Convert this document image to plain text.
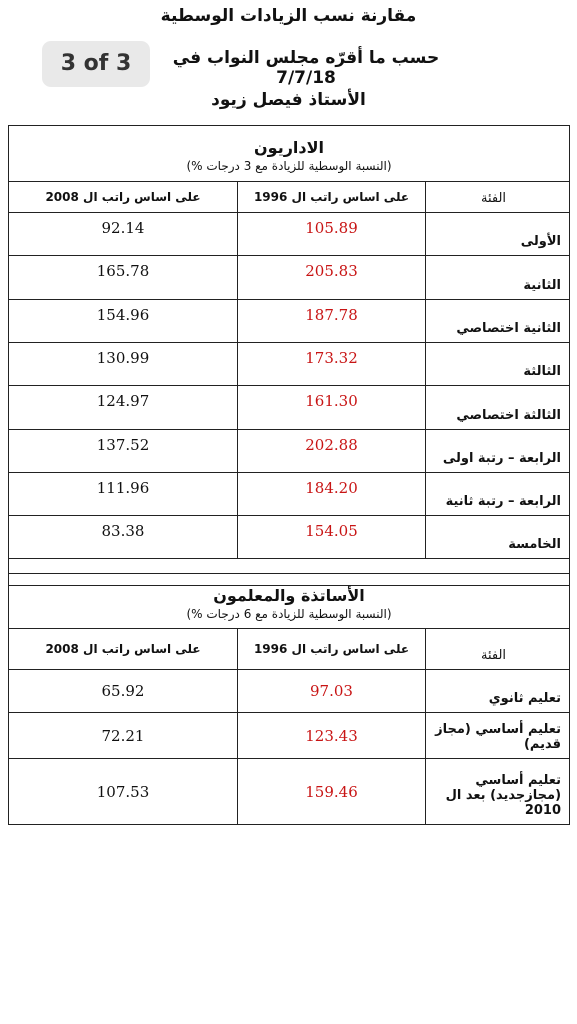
مقارنة نسب الزيادات الوسطية
حسب ما أقرّه مجلس النواب في 7/7/18
الأستاذ فيصل زيود
3 of 3
الاداريون
(النسبة الوسطية للزيادة مع 3 درجات %)		

على اساس راتب ال 2008	على اساس راتب ال 1996	الفئة
92.14	105.89	الأولى
165.78	205.83	الثانية
154.96	187.78	الثانية اختصاصي
130.99	173.32	الثالثة
124.97	161.30	الثالثة اختصاصي
137.52	202.88	الرابعة – رتبة اولى
111.96	184.20	الرابعة – رتبة ثانية
83.38	154.05	الخامسة

الأساتذة والمعلمون
(النسبة الوسطية للزيادة مع 6 درجات %)		

على اساس راتب ال 2008	على اساس راتب ال 1996	الفئة
65.92	97.03	تعليم ثانوي
72.21	123.43	تعليم أساسي (مجاز قديم)
107.53	159.46	تعليم أساسي (مجازجديد) بعد ال 2010
